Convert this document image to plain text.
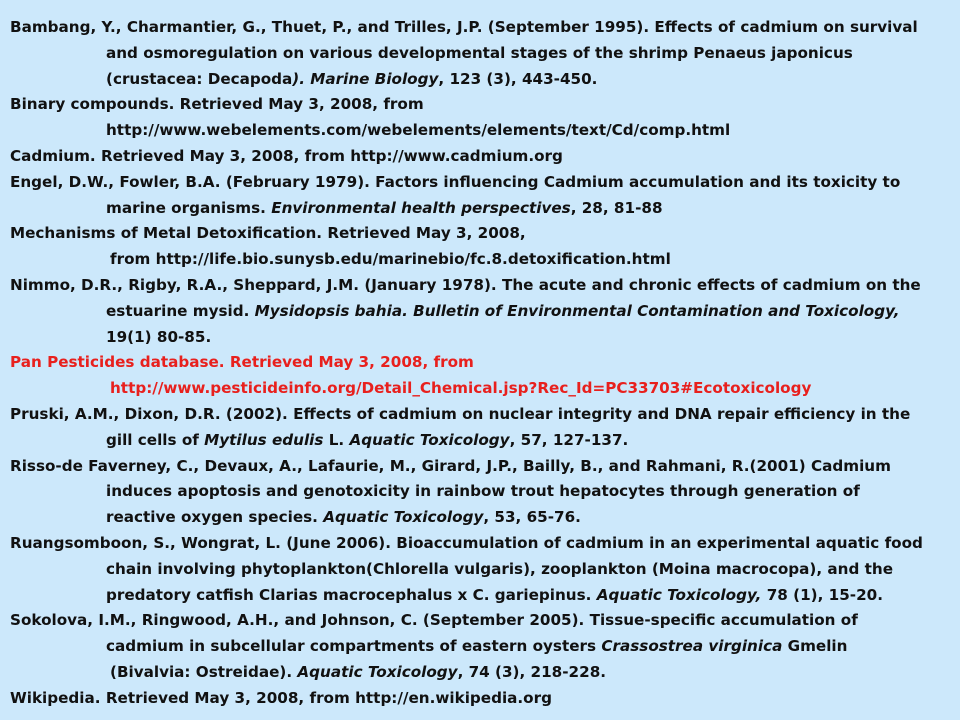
Bambang, Y., Charmantier, G., Thuet, P., and Trilles, J.P. (September 1995). Effects of cadmium on survival
and osmoregulation on various developmental stages of the shrimp Penaeus japonicus
(crustacea: Decapoda). Marine Biology, 123 (3), 443-450.
Binary compounds. Retrieved May 3, 2008, from
http://www.webelements.com/webelements/elements/text/Cd/comp.html
Cadmium. Retrieved May 3, 2008, from http://www.cadmium.org
Engel, D.W., Fowler, B.A. (February 1979). Factors influencing Cadmium accumulation and its toxicity to
marine organisms. Environmental health perspectives, 28, 81-88
Mechanisms of Metal Detoxification. Retrieved May 3, 2008,
from http://life.bio.sunysb.edu/marinebio/fc.8.detoxification.html
Nimmo, D.R., Rigby, R.A., Sheppard, J.M. (January 1978). The acute and chronic effects of cadmium on the
estuarine mysid. Mysidopsis bahia. Bulletin of Environmental Contamination and Toxicology,
19(1) 80-85.
Pan Pesticides database. Retrieved May 3, 2008, from
http://www.pesticideinfo.org/Detail_Chemical.jsp?Rec_Id=PC33703#Ecotoxicology
Pruski, A.M., Dixon, D.R. (2002). Effects of cadmium on nuclear integrity and DNA repair efficiency in the
gill cells of Mytilus edulis L. Aquatic Toxicology, 57, 127-137.
Risso-de Faverney, C., Devaux, A., Lafaurie, M., Girard, J.P., Bailly, B., and Rahmani, R.(2001) Cadmium
induces apoptosis and genotoxicity in rainbow trout hepatocytes through generation of
reactive oxygen species. Aquatic Toxicology, 53, 65-76.
Ruangsomboon, S., Wongrat, L. (June 2006). Bioaccumulation of cadmium in an experimental aquatic food
chain involving phytoplankton(Chlorella vulgaris), zooplankton (Moina macrocopa), and the
predatory catfish Clarias macrocephalus x C. gariepinus. Aquatic Toxicology, 78 (1), 15-20.
Sokolova, I.M., Ringwood, A.H., and Johnson, C. (September 2005). Tissue-specific accumulation of
cadmium in subcellular compartments of eastern oysters Crassostrea virginica Gmelin
(Bivalvia: Ostreidae). Aquatic Toxicology, 74 (3), 218-228.
Wikipedia. Retrieved May 3, 2008, from http://en.wikipedia.org
